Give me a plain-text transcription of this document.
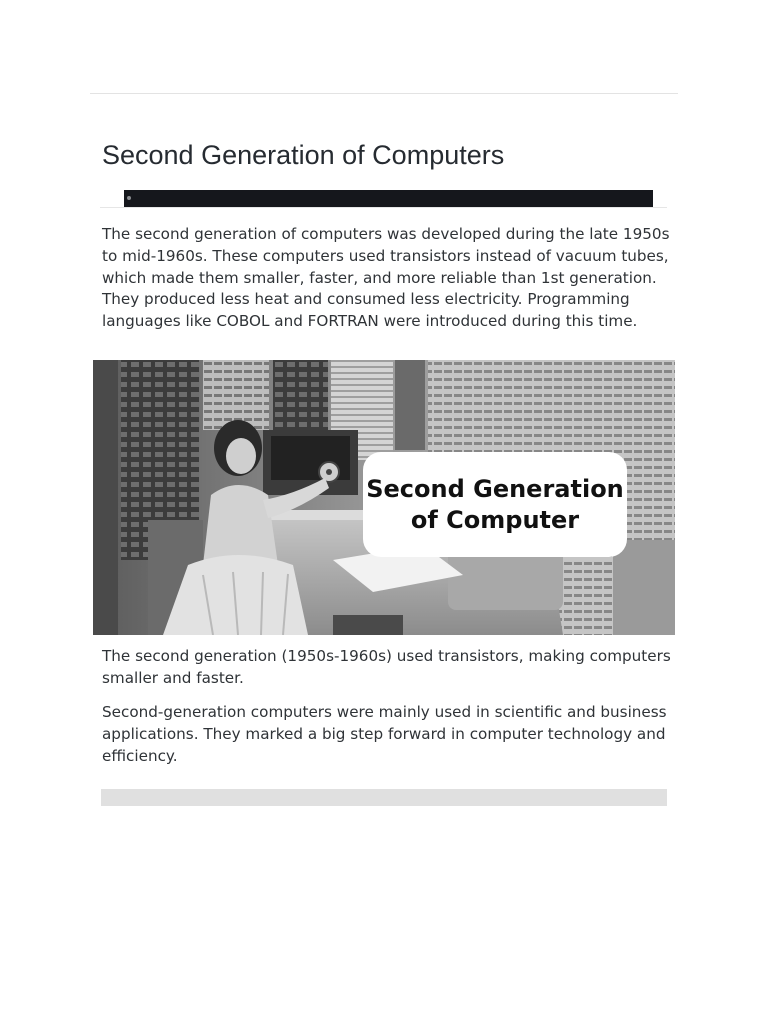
Second Generation of Computers

The second generation of computers was developed during the late 1950s to mid-1960s. These computers used transistors instead of vacuum tubes, which made them smaller, faster, and more reliable than 1st generation. They produced less heat and consumed less electricity. Programming languages like COBOL and FORTRAN were introduced during this time.

Second Generation
of Computer

The second generation (1950s-1960s) used transistors, making computers smaller and faster.

Second-generation computers were mainly used in scientific and business applications. They marked a big step forward in computer technology and efficiency.
